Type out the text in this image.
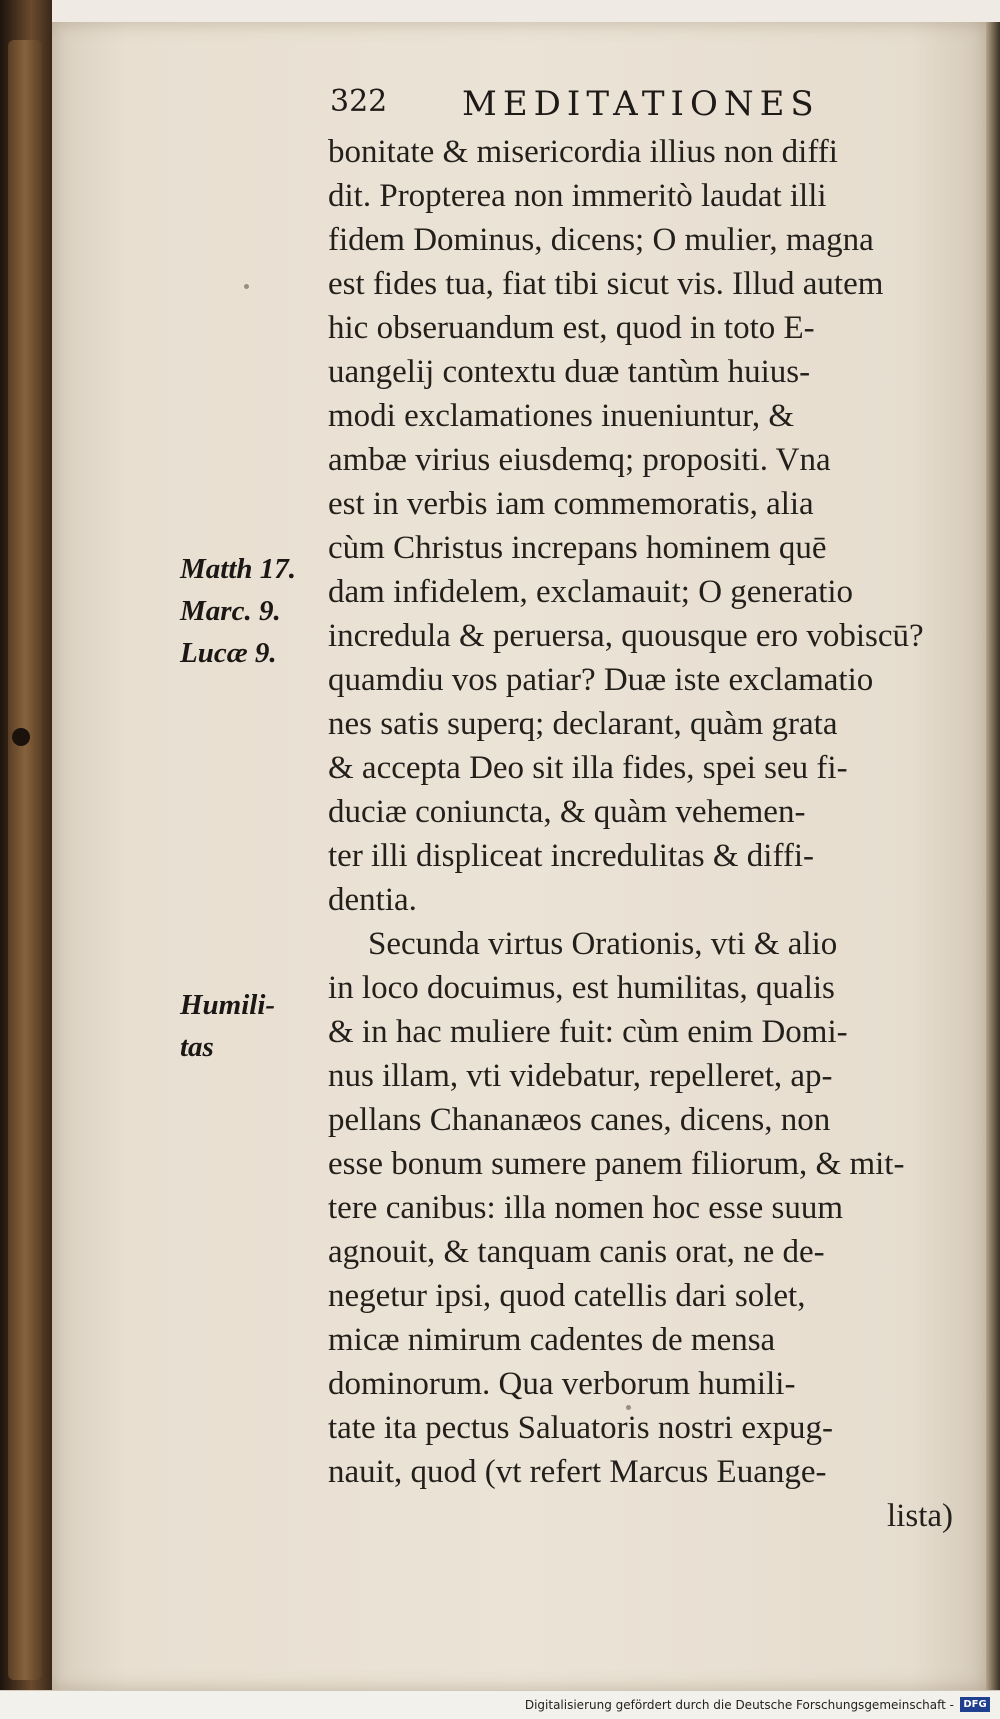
322 MEDITATIONES
Matth 17.
Marc. 9.
Lucæ 9.
Humili-
tas
bonitate & misericordia illius non diffi
dit. Propterea non immeritò laudat illi
fidem Dominus, dicens; O mulier, magna
est fides tua, fiat tibi sicut vis. Illud autem
hic obseruandum est, quod in toto E-
uangelij contextu duæ tantùm huius-
modi exclamationes inueniuntur, &
ambæ virius eiusdemq; propositi. Vna
est in verbis iam commemoratis, alia
cùm Christus increpans hominem quē
dam infidelem, exclamauit; O generatio
incredula & peruersa, quousque ero vobiscū?
quamdiu vos patiar? Duæ iste exclamatio
nes satis superq; declarant, quàm grata
& accepta Deo sit illa fides, spei seu fi-
duciæ coniuncta, & quàm vehemen-
ter illi displiceat incredulitas & diffi-
dentia.
Secunda virtus Orationis, vti & alio
in loco docuimus, est humilitas, qualis
& in hac muliere fuit: cùm enim Domi-
nus illam, vti videbatur, repelleret, ap-
pellans Chananæos canes, dicens, non
esse bonum sumere panem filiorum, & mit-
tere canibus: illa nomen hoc esse suum
agnouit, & tanquam canis orat, ne de-
negetur ipsi, quod catellis dari solet,
micæ nimirum cadentes de mensa
dominorum. Qua verborum humili-
tate ita pectus Saluatoris nostri expug-
nauit, quod (vt refert Marcus Euange-
lista)
Digitalisierung gefördert durch die Deutsche Forschungsgemeinschaft - DFG
